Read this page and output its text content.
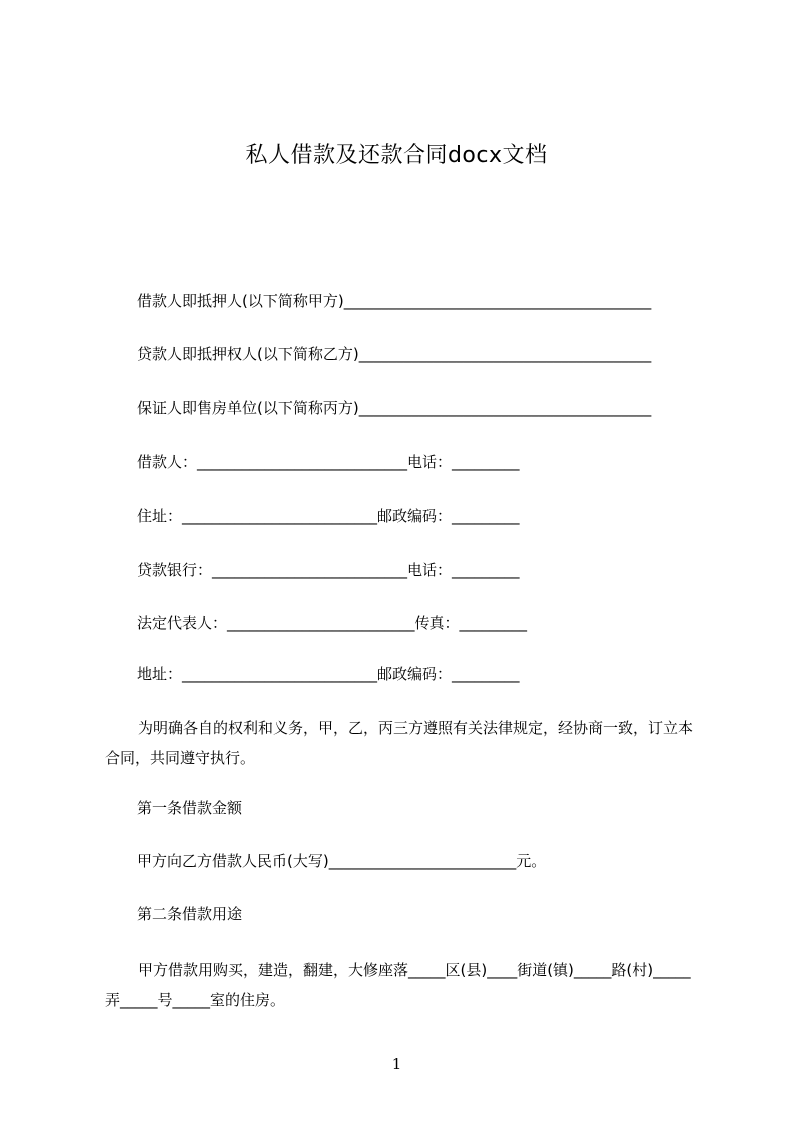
私人借款及还款合同docx文档
借款人即抵押人(以下简称甲方)_________________________________________
贷款人即抵押权人(以下简称乙方)_______________________________________
保证人即售房单位(以下简称丙方)_______________________________________
借款人：____________________________电话：_________
住址：__________________________邮政编码：_________
贷款银行：__________________________电话：_________
法定代表人：_________________________传真：_________
地址：__________________________邮政编码：_________
为明确各自的权利和义务，甲，乙，丙三方遵照有关法律规定，经协商一致，订立本合同，共同遵守执行。
第一条借款金额
甲方向乙方借款人民币(大写)_________________________元。
第二条借款用途
甲方借款用购买，建造，翻建，大修座落_____区(县)____街道(镇)_____路(村)_____弄_____号_____室的住房。
1
